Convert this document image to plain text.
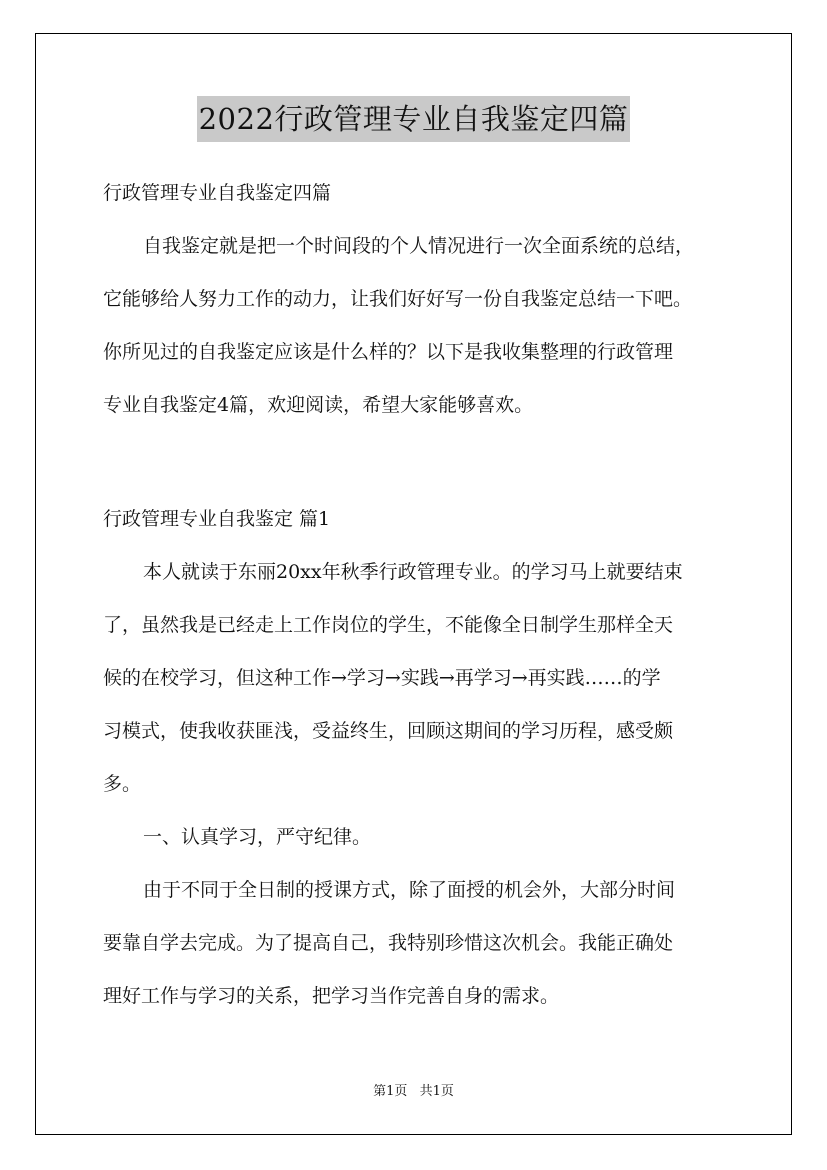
2022行政管理专业自我鉴定四篇
行政管理专业自我鉴定四篇
自我鉴定就是把一个时间段的个人情况进行一次全面系统的总结，
它能够给人努力工作的动力，让我们好好写一份自我鉴定总结一下吧。
你所见过的自我鉴定应该是什么样的？以下是我收集整理的行政管理
专业自我鉴定4篇，欢迎阅读，希望大家能够喜欢。
行政管理专业自我鉴定 篇1
本人就读于东丽20xx年秋季行政管理专业。的学习马上就要结束
了，虽然我是已经走上工作岗位的学生，不能像全日制学生那样全天
候的在校学习，但这种工作→学习→实践→再学习→再实践……的学
习模式，使我收获匪浅，受益终生，回顾这期间的学习历程，感受颇
多。
一、认真学习，严守纪律。
由于不同于全日制的授课方式，除了面授的机会外，大部分时间
要靠自学去完成。为了提高自己，我特别珍惜这次机会。我能正确处
理好工作与学习的关系，把学习当作完善自身的需求。
第1页 共1页
